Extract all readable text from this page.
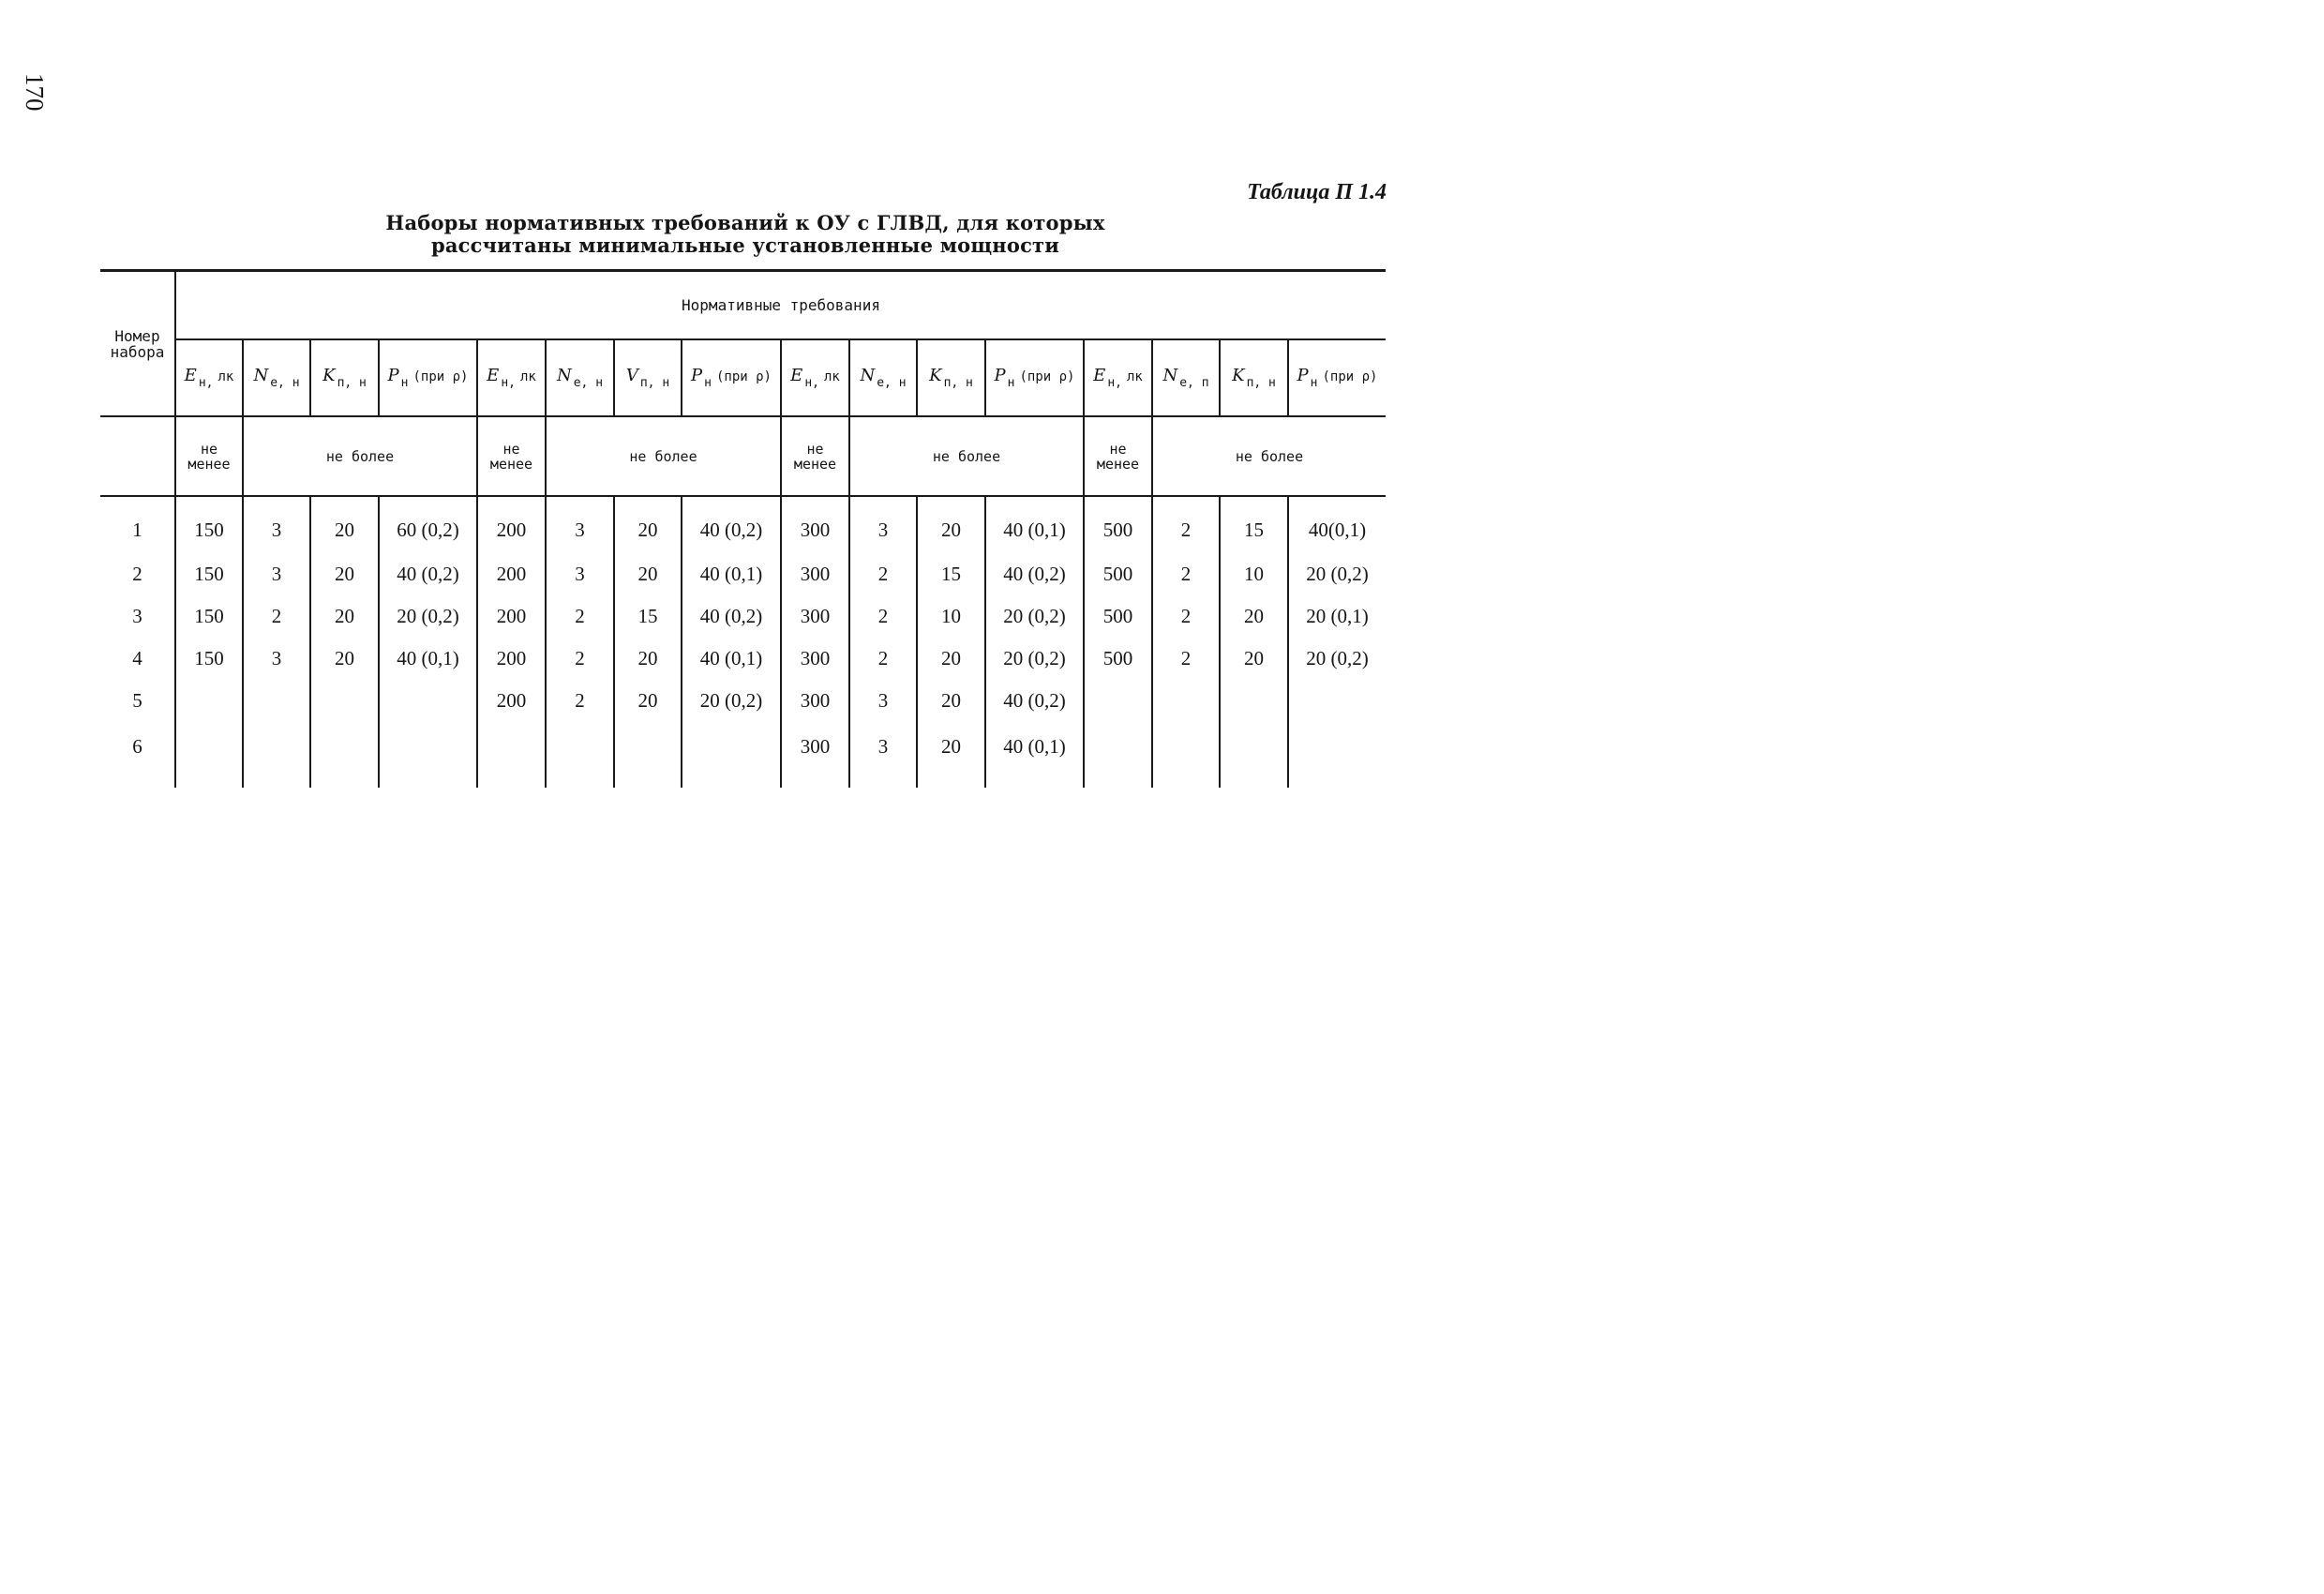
170
Таблица П 1.4
Наборы нормативных требований к ОУ с ГЛВД, для которых
рассчитаны минимальные установленные мощности

Номер набора	Нормативные требования															
	E $_{н,}$ лк	N $_{е, н}$	K $_{п, н}$	P $_н$ (при ρ)	E $_{н,}$ лк	N $_{е, н}$	V $_{п, н}$	P $_н$ (при ρ)	E $_{н,}$ лк	N $_{е, н}$	K $_{п, н}$	P $_н$ (при ρ)	E $_{н,}$ лк	N $_{е, п}$	K $_{п, н}$	P $_н$ (при ρ)
	не менее	не более			не менее	не более			не менее	не более			не менее	не более		
1	150	3	20	60 (0,2)	200	3	20	40 (0,2)	300	3	20	40 (0,1)	500	2	15	40(0,1)
2	150	3	20	40 (0,2)	200	3	20	40 (0,1)	300	2	15	40 (0,2)	500	2	10	20 (0,2)
3	150	2	20	20 (0,2)	200	2	15	40 (0,2)	300	2	10	20 (0,2)	500	2	20	20 (0,1)
4	150	3	20	40 (0,1)	200	2	20	40 (0,1)	300	2	20	20 (0,2)	500	2	20	20 (0,2)
5					200	2	20	20 (0,2)	300	3	20	40 (0,2)				
6									300	3	20	40 (0,1)				
